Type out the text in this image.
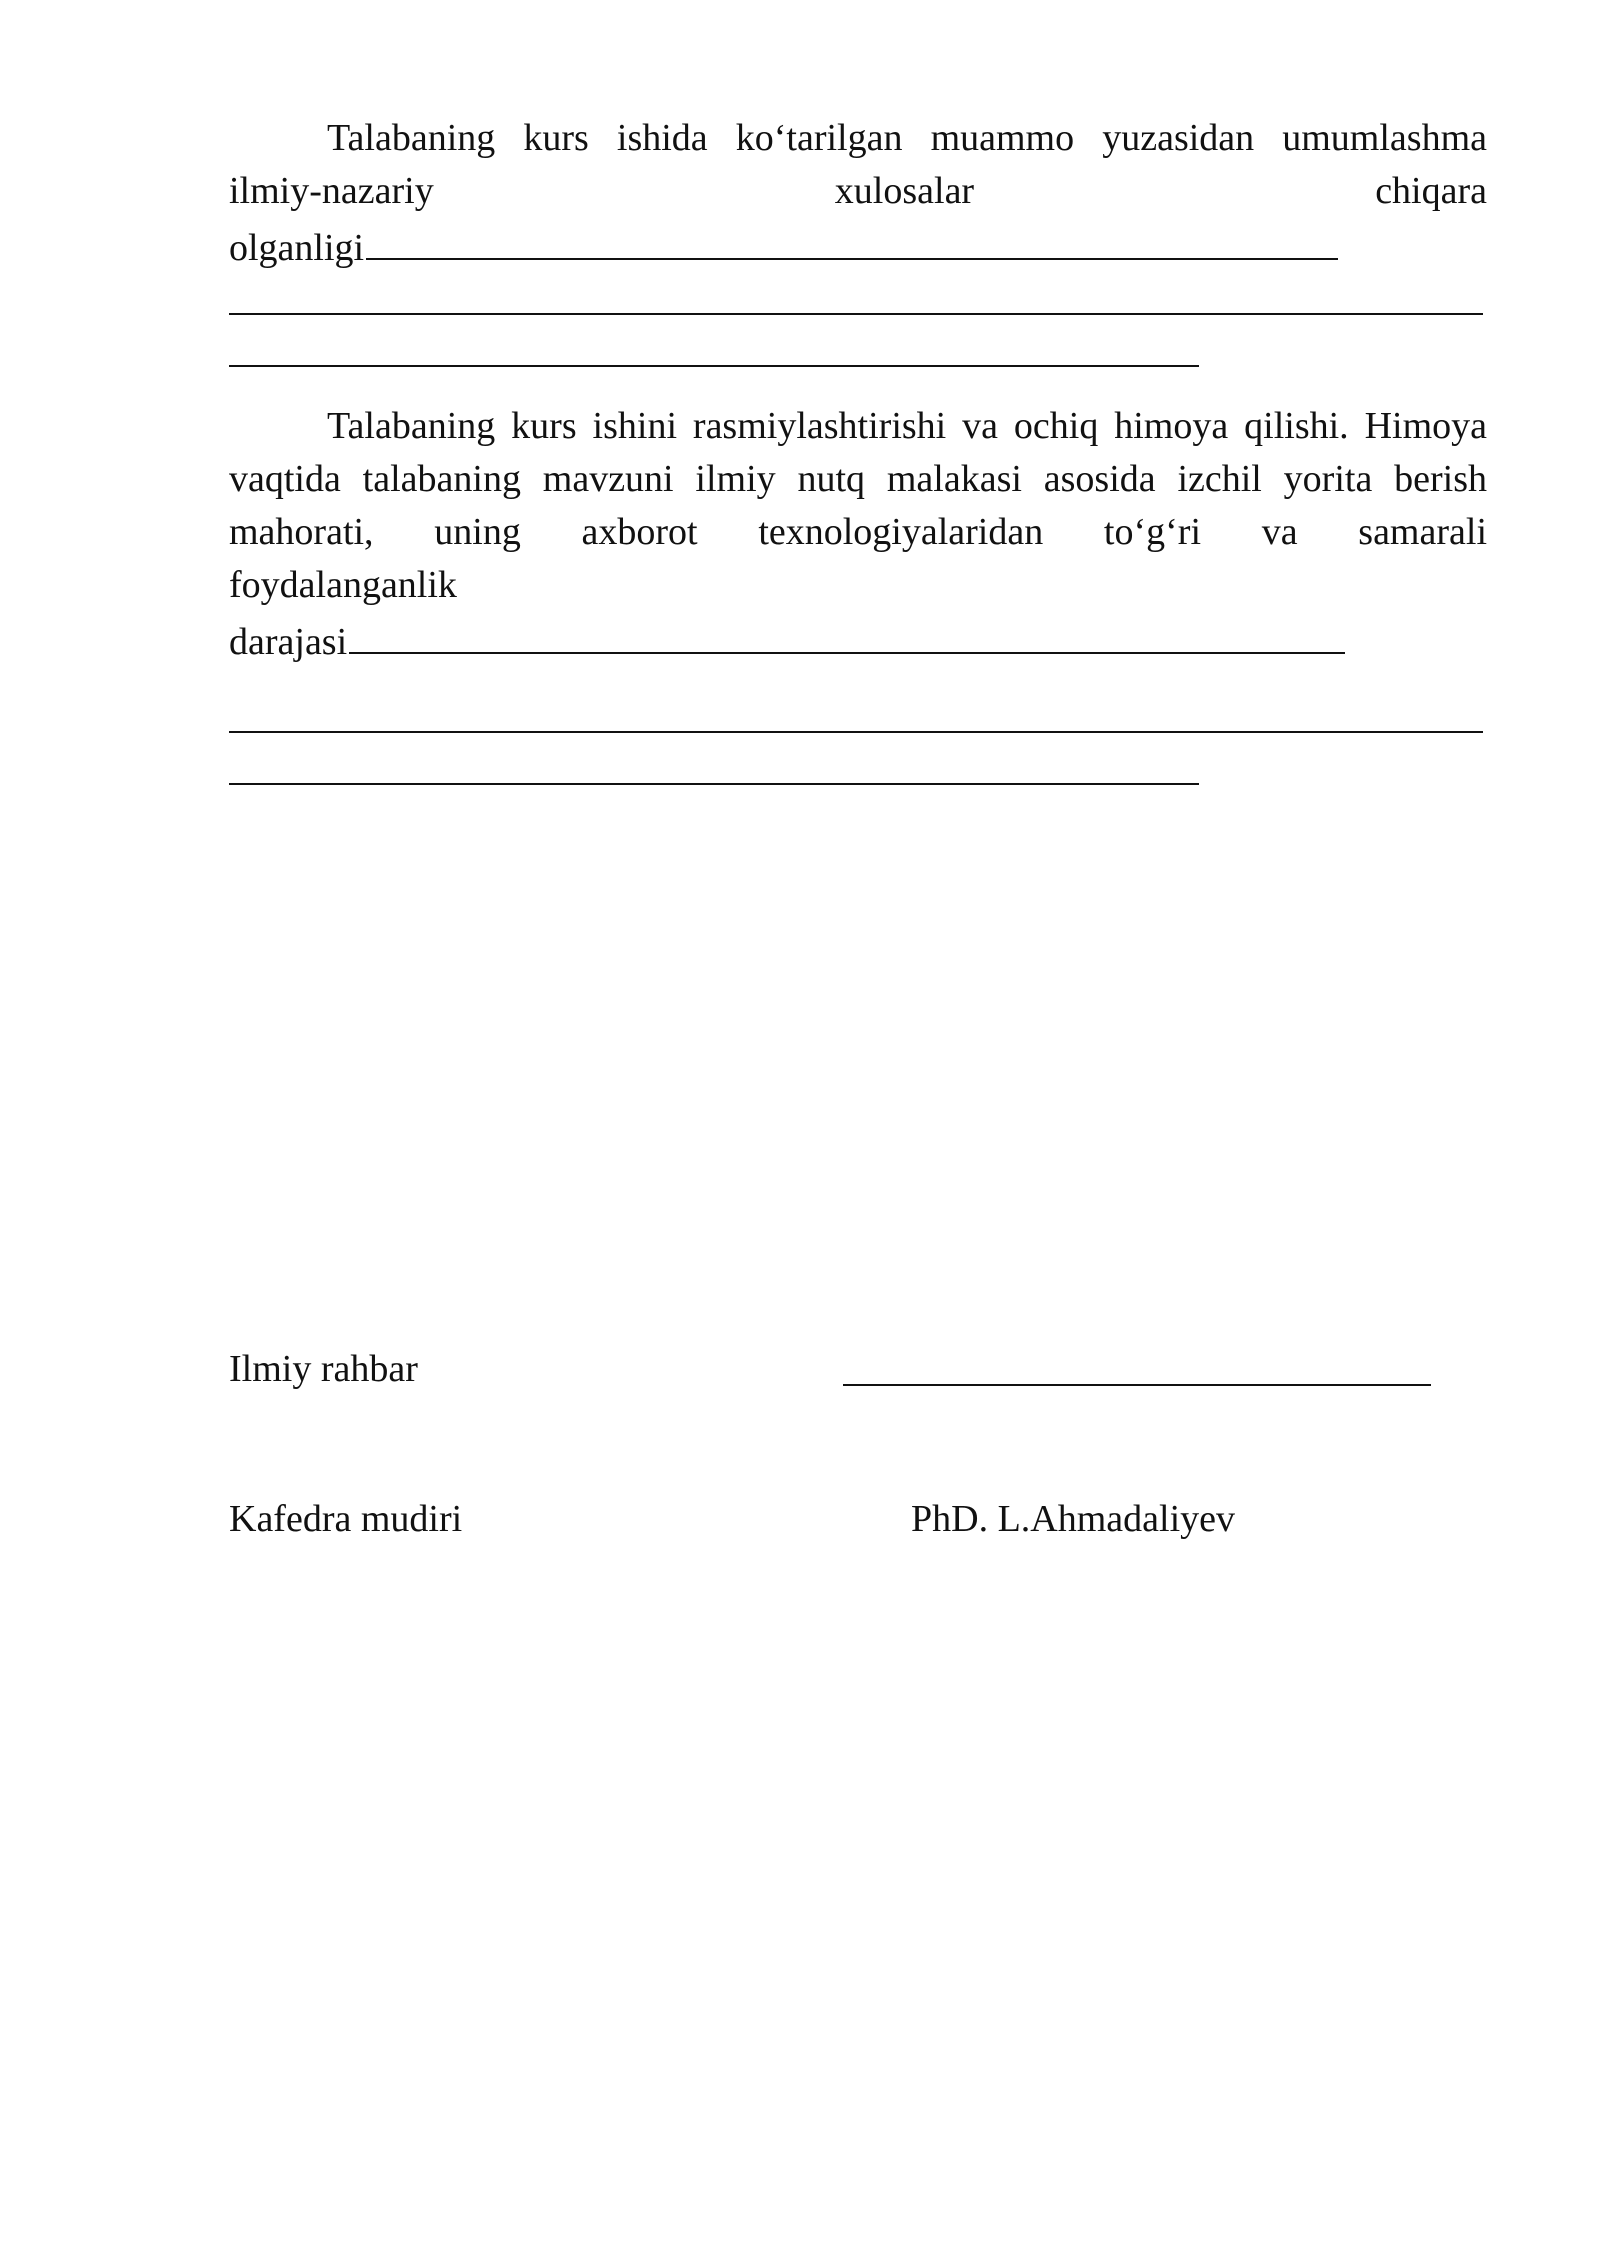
Talabaning kurs ishida ko‘tarilgan muammo yuzasidan umumlashma
ilmiy-nazariy	xulosalar	chiqara
olganligi
Talabaning kurs ishini rasmiylashtirishi va ochiq himoya qilishi. Himoya vaqtida talabaning mavzuni ilmiy nutq malakasi asosida izchil yorita berish mahorati, uning axborot texnologiyalaridan to‘g‘ri va samarali
foydalanganlik
darajasi
Ilmiy rahbar
Kafedra mudiri	PhD. L.Ahmadaliyev
